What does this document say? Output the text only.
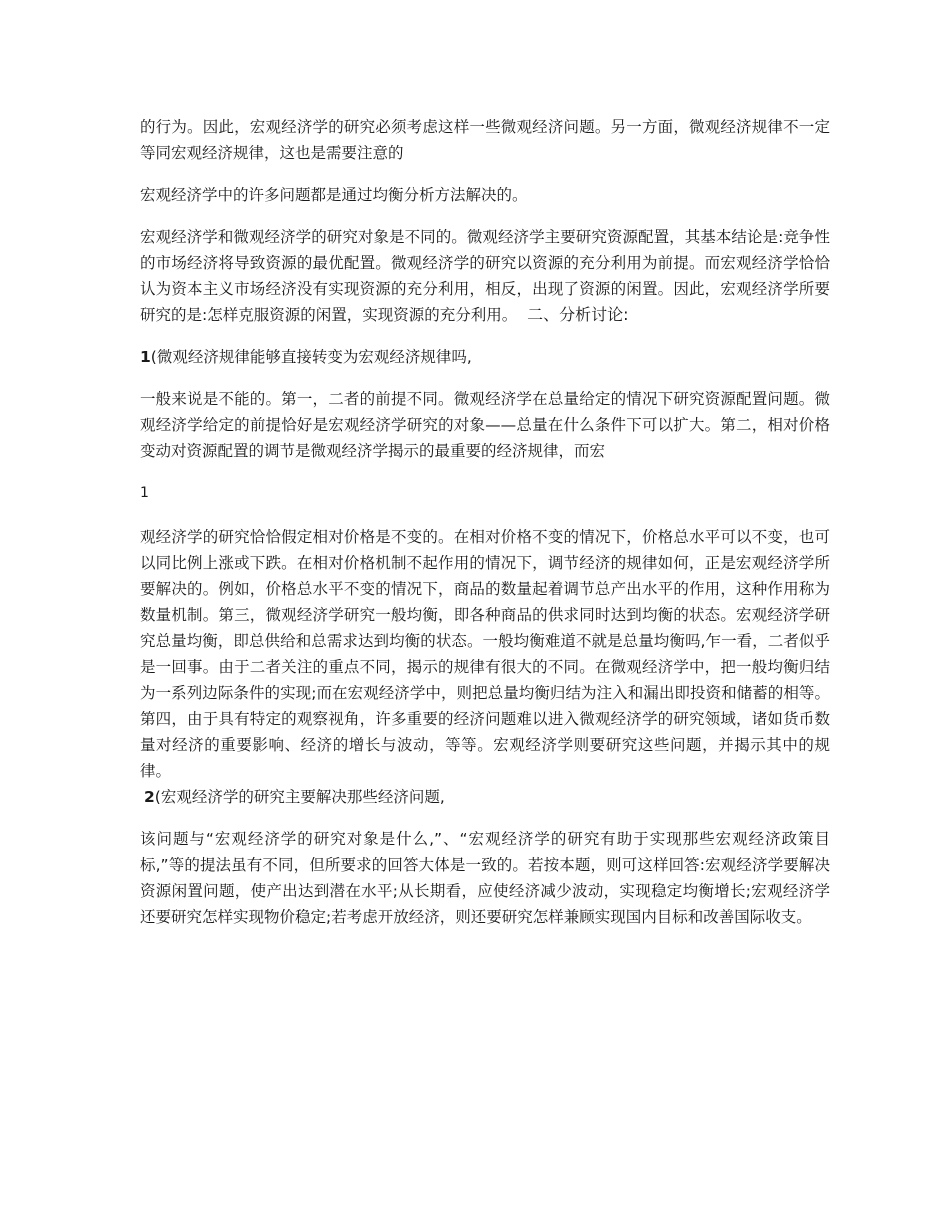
的行为。因此，宏观经济学的研究必须考虑这样一些微观经济问题。另一方面，微观经济规律不一定等同宏观经济规律，这也是需要注意的

宏观经济学中的许多问题都是通过均衡分析方法解决的。

宏观经济学和微观经济学的研究对象是不同的。微观经济学主要研究资源配置，其基本结论是:竞争性的市场经济将导致资源的最优配置。微观经济学的研究以资源的充分利用为前提。而宏观经济学恰恰认为资本主义市场经济没有实现资源的充分利用，相反，出现了资源的闲置。因此，宏观经济学所要研究的是:怎样克服资源的闲置，实现资源的充分利用。 二、分析讨论:

1(微观经济规律能够直接转变为宏观经济规律吗,

一般来说是不能的。第一，二者的前提不同。微观经济学在总量给定的情况下研究资源配置问题。微观经济学给定的前提恰好是宏观经济学研究的对象——总量在什么条件下可以扩大。第二，相对价格变动对资源配置的调节是微观经济学揭示的最重要的经济规律，而宏

1

观经济学的研究恰恰假定相对价格是不变的。在相对价格不变的情况下，价格总水平可以不变，也可以同比例上涨或下跌。在相对价格机制不起作用的情况下，调节经济的规律如何，正是宏观经济学所要解决的。例如，价格总水平不变的情况下，商品的数量起着调节总产出水平的作用，这种作用称为数量机制。第三，微观经济学研究一般均衡，即各种商品的供求同时达到均衡的状态。宏观经济学研究总量均衡，即总供给和总需求达到均衡的状态。一般均衡难道不就是总量均衡吗,乍一看，二者似乎是一回事。由于二者关注的重点不同，揭示的规律有很大的不同。在微观经济学中，把一般均衡归结为一系列边际条件的实现;而在宏观经济学中，则把总量均衡归结为注入和漏出即投资和储蓄的相等。第四，由于具有特定的观察视角，许多重要的经济问题难以进入微观经济学的研究领域，诸如货币数量对经济的重要影响、经济的增长与波动，等等。宏观经济学则要研究这些问题，并揭示其中的规律。

2(宏观经济学的研究主要解决那些经济问题,

该问题与“宏观经济学的研究对象是什么,”、“宏观经济学的研究有助于实现那些宏观经济政策目标,”等的提法虽有不同，但所要求的回答大体是一致的。若按本题，则可这样回答:宏观经济学要解决资源闲置问题，使产出达到潜在水平;从长期看，应使经济减少波动，实现稳定均衡增长;宏观经济学还要研究怎样实现物价稳定;若考虑开放经济，则还要研究怎样兼顾实现国内目标和改善国际收支。
